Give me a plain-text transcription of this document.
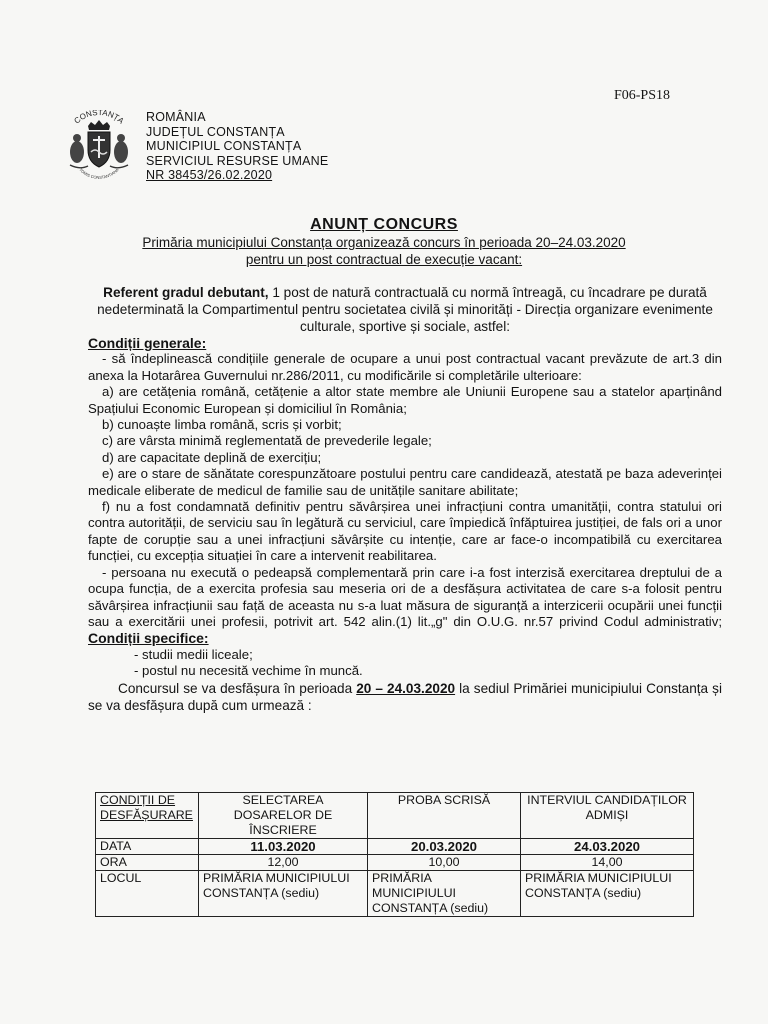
F06-PS18
CONSTANȚA
TOMIS CONSTANTIANA
ROMÂNIA
JUDEȚUL CONSTANȚA
MUNICIPIUL CONSTANȚA
SERVICIUL RESURSE UMANE
NR 38453/26.02.2020
ANUNȚ CONCURS
Primăria municipiului Constanța organizează concurs în perioada 20–24.03.2020
pentru un post contractual de execuție vacant:

Referent gradul debutant, 1 post de natură contractuală cu normă întreagă, cu încadrare pe durată nedeterminată la Compartimentul pentru societatea civilă și minorități - Direcția organizare evenimente culturale, sportive și sociale, astfel:

Condiții generale:

- să îndeplinească condițiile generale de ocupare a unui post contractual vacant prevăzute de art.3 din anexa la Hotarârea Guvernului nr.286/2011, cu modificările si completările ulterioare:

a) are cetățenia română, cetățenie a altor state membre ale Uniunii Europene sau a statelor aparținând Spațiului Economic European și domiciliul în România;

b) cunoaște limba română, scris și vorbit;

c) are vârsta minimă reglementată de prevederile legale;

d) are capacitate deplină de exercițiu;

e) are o stare de sănătate corespunzătoare postului pentru care candidează, atestată pe baza adeverinței medicale eliberate de medicul de familie sau de unitățile sanitare abilitate;

f) nu a fost condamnată definitiv pentru săvârșirea unei infracțiuni contra umanității, contra statului ori contra autorității, de serviciu sau în legătură cu serviciul, care împiedică înfăptuirea justiției, de fals ori a unor fapte de corupție sau a unei infracțiuni săvârșite cu intenție, care ar face-o incompatibilă cu exercitarea funcției, cu excepția situației în care a intervenit reabilitarea.

- persoana nu execută o pedeapsă complementară prin care i-a fost interzisă exercitarea dreptului de a ocupa funcția, de a exercita profesia sau meseria ori de a desfășura activitatea de care s-a folosit pentru săvârșirea infracțiunii sau față de aceasta nu s-a luat măsura de siguranță a interzicerii ocupării unei funcții sau a exercitării unei profesii, potrivit art. 542 alin.(1) lit.„g" din O.U.G. nr.57 privind Codul administrativ;

Condiții specifice:

- studii medii liceale;

- postul nu necesită vechime în muncă.

Concursul se va desfășura în perioada 20 – 24.03.2020 la sediul Primăriei municipiului Constanța și se va desfășura după cum urmează :

CONDIȚII DE DESFĂȘURARE	SELECTAREA DOSARELOR DE ÎNSCRIERE	PROBA SCRISĂ	INTERVIUL CANDIDAȚILOR ADMIȘI
DATA	11.03.2020	20.03.2020	24.03.2020
ORA	12,00	10,00	14,00
LOCUL	PRIMĂRIA MUNICIPIULUI CONSTANȚA (sediu)	PRIMĂRIA MUNICIPIULUI CONSTANȚA (sediu)	PRIMĂRIA MUNICIPIULUI CONSTANȚA (sediu)
